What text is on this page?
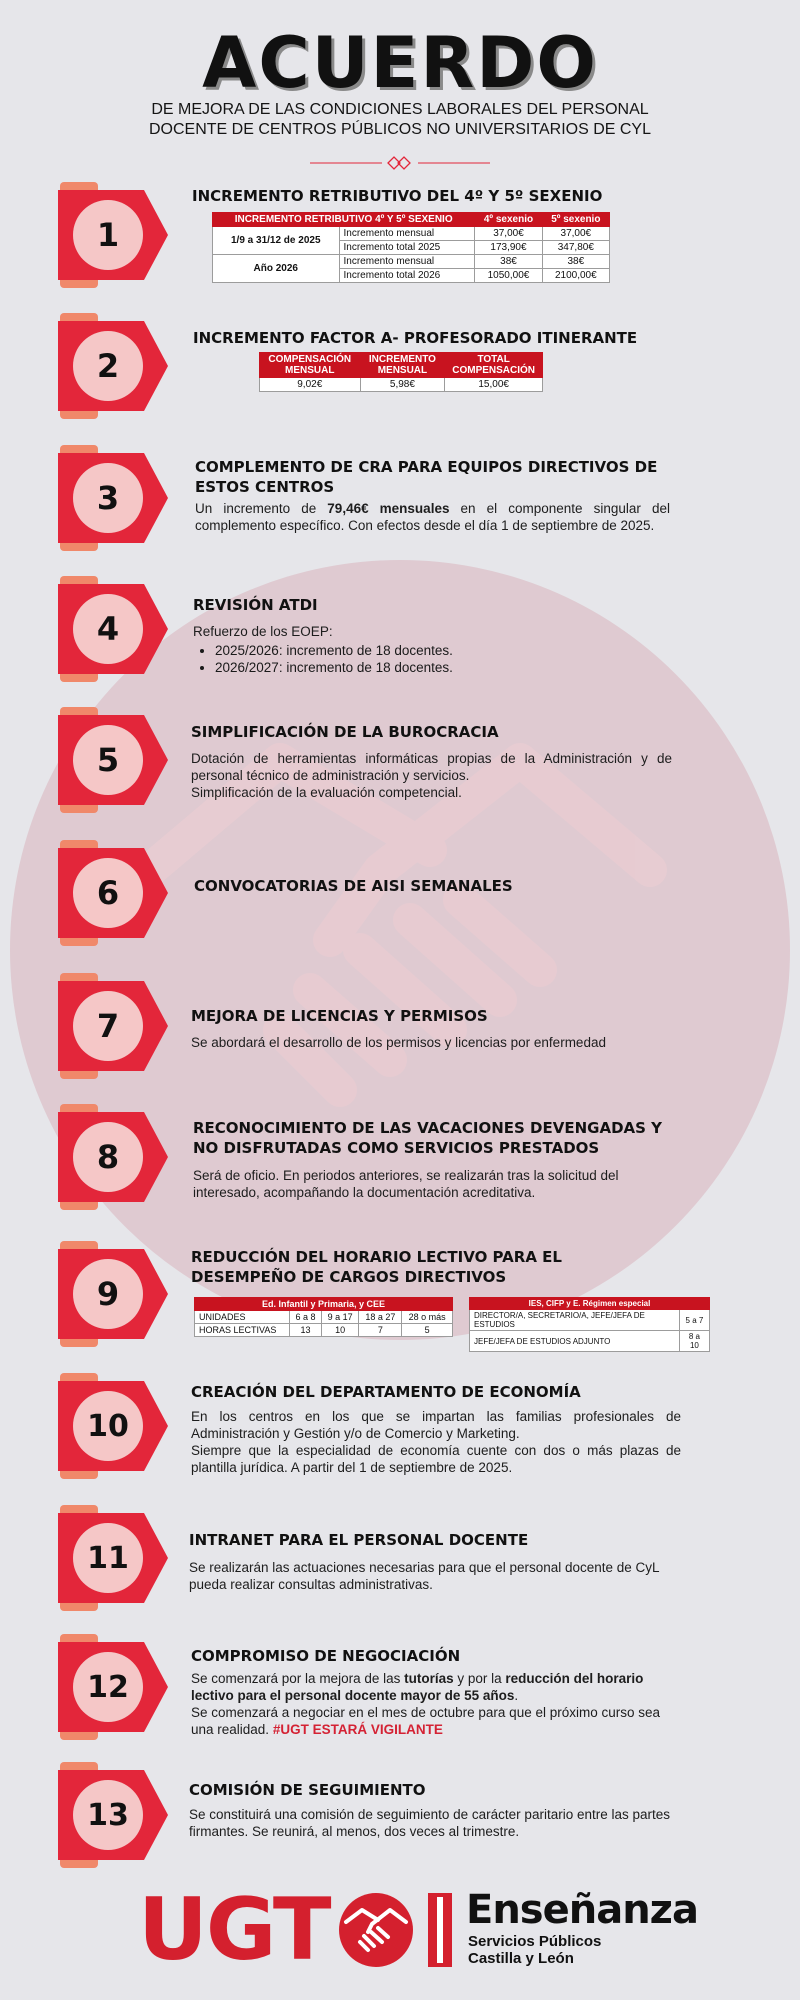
ACUERDO
DE MEJORA DE LAS CONDICIONES LABORALES DEL PERSONAL
DOCENTE DE CENTROS PÚBLICOS NO UNIVERSITARIOS DE CYL
1
2
3
4
5
6
7
8
9
10
11
12
13
INCREMENTO RETRIBUTIVO DEL 4º Y 5º SEXENIO
INCREMENTO RETRIBUTIVO 4º Y 5º SEXENIO		4º sexenio	5º sexenio
1/9 a 31/12 de 2025	Incremento mensual	37,00€	37,00€
	Incremento total 2025	173,90€	347,80€
Año 2026	Incremento mensual	38€	38€
	Incremento total 2026	1050,00€	2100,00€
INCREMENTO FACTOR A- PROFESORADO ITINERANTE
COMPENSACIÓN MENSUAL	INCREMENTO MENSUAL	TOTAL COMPENSACIÓN
9,02€	5,98€	15,00€
COMPLEMENTO DE CRA PARA EQUIPOS DIRECTIVOS DE ESTOS CENTROS
Un incremento de 79,46€ mensuales en el componente singular del complemento específico. Con efectos desde el día 1 de septiembre de 2025.
REVISIÓN ATDI
Refuerzo de los EOEP:
• 2025/2026: incremento de 18 docentes.
• 2026/2027: incremento de 18 docentes.
SIMPLIFICACIÓN DE LA BUROCRACIA
Dotación de herramientas informáticas propias de la Administración y de personal técnico de administración y servicios.
Simplificación de la evaluación competencial.
CONVOCATORIAS DE AISI SEMANALES
MEJORA DE LICENCIAS Y PERMISOS
Se abordará el desarrollo de los permisos y licencias por enfermedad
RECONOCIMIENTO DE LAS VACACIONES DEVENGADAS Y NO DISFRUTADAS COMO SERVICIOS PRESTADOS
Será de oficio. En periodos anteriores, se realizarán tras la solicitud del interesado, acompañando la documentación acreditativa.
REDUCCIÓN DEL HORARIO LECTIVO PARA EL DESEMPEÑO DE CARGOS DIRECTIVOS
Ed. Infantil y Primaria, y CEE				
UNIDADES	6 a 8	9 a 17	18 a 27	28 o más
HORAS LECTIVAS	13	10	7	5
IES, CIFP y E. Régimen especial	
DIRECTOR/A, SECRETARIO/A, JEFE/JEFA DE ESTUDIOS	5 a 7
JEFE/JEFA DE ESTUDIOS ADJUNTO	8 a 10
CREACIÓN DEL DEPARTAMENTO DE ECONOMÍA
En los centros en los que se impartan las familias profesionales de Administración y Gestión y/o de Comercio y Marketing.
Siempre que la especialidad de economía cuente con dos o más plazas de plantilla jurídica. A partir del 1 de septiembre de 2025.
INTRANET PARA EL PERSONAL DOCENTE
Se realizarán las actuaciones necesarias para que el personal docente de CyL pueda realizar consultas administrativas.
COMPROMISO DE NEGOCIACIÓN
Se comenzará por la mejora de las tutorías y por la reducción del horario lectivo para el personal docente mayor de 55 años.
Se comenzará a negociar en el mes de octubre para que el próximo curso sea una realidad. #UGT ESTARÁ VIGILANTE
COMISIÓN DE SEGUIMIENTO
Se constituirá una comisión de seguimiento de carácter paritario entre las partes firmantes. Se reunirá, al menos, dos veces al trimestre.
UGT	Enseñanza
Servicios Públicos
Castilla y León
